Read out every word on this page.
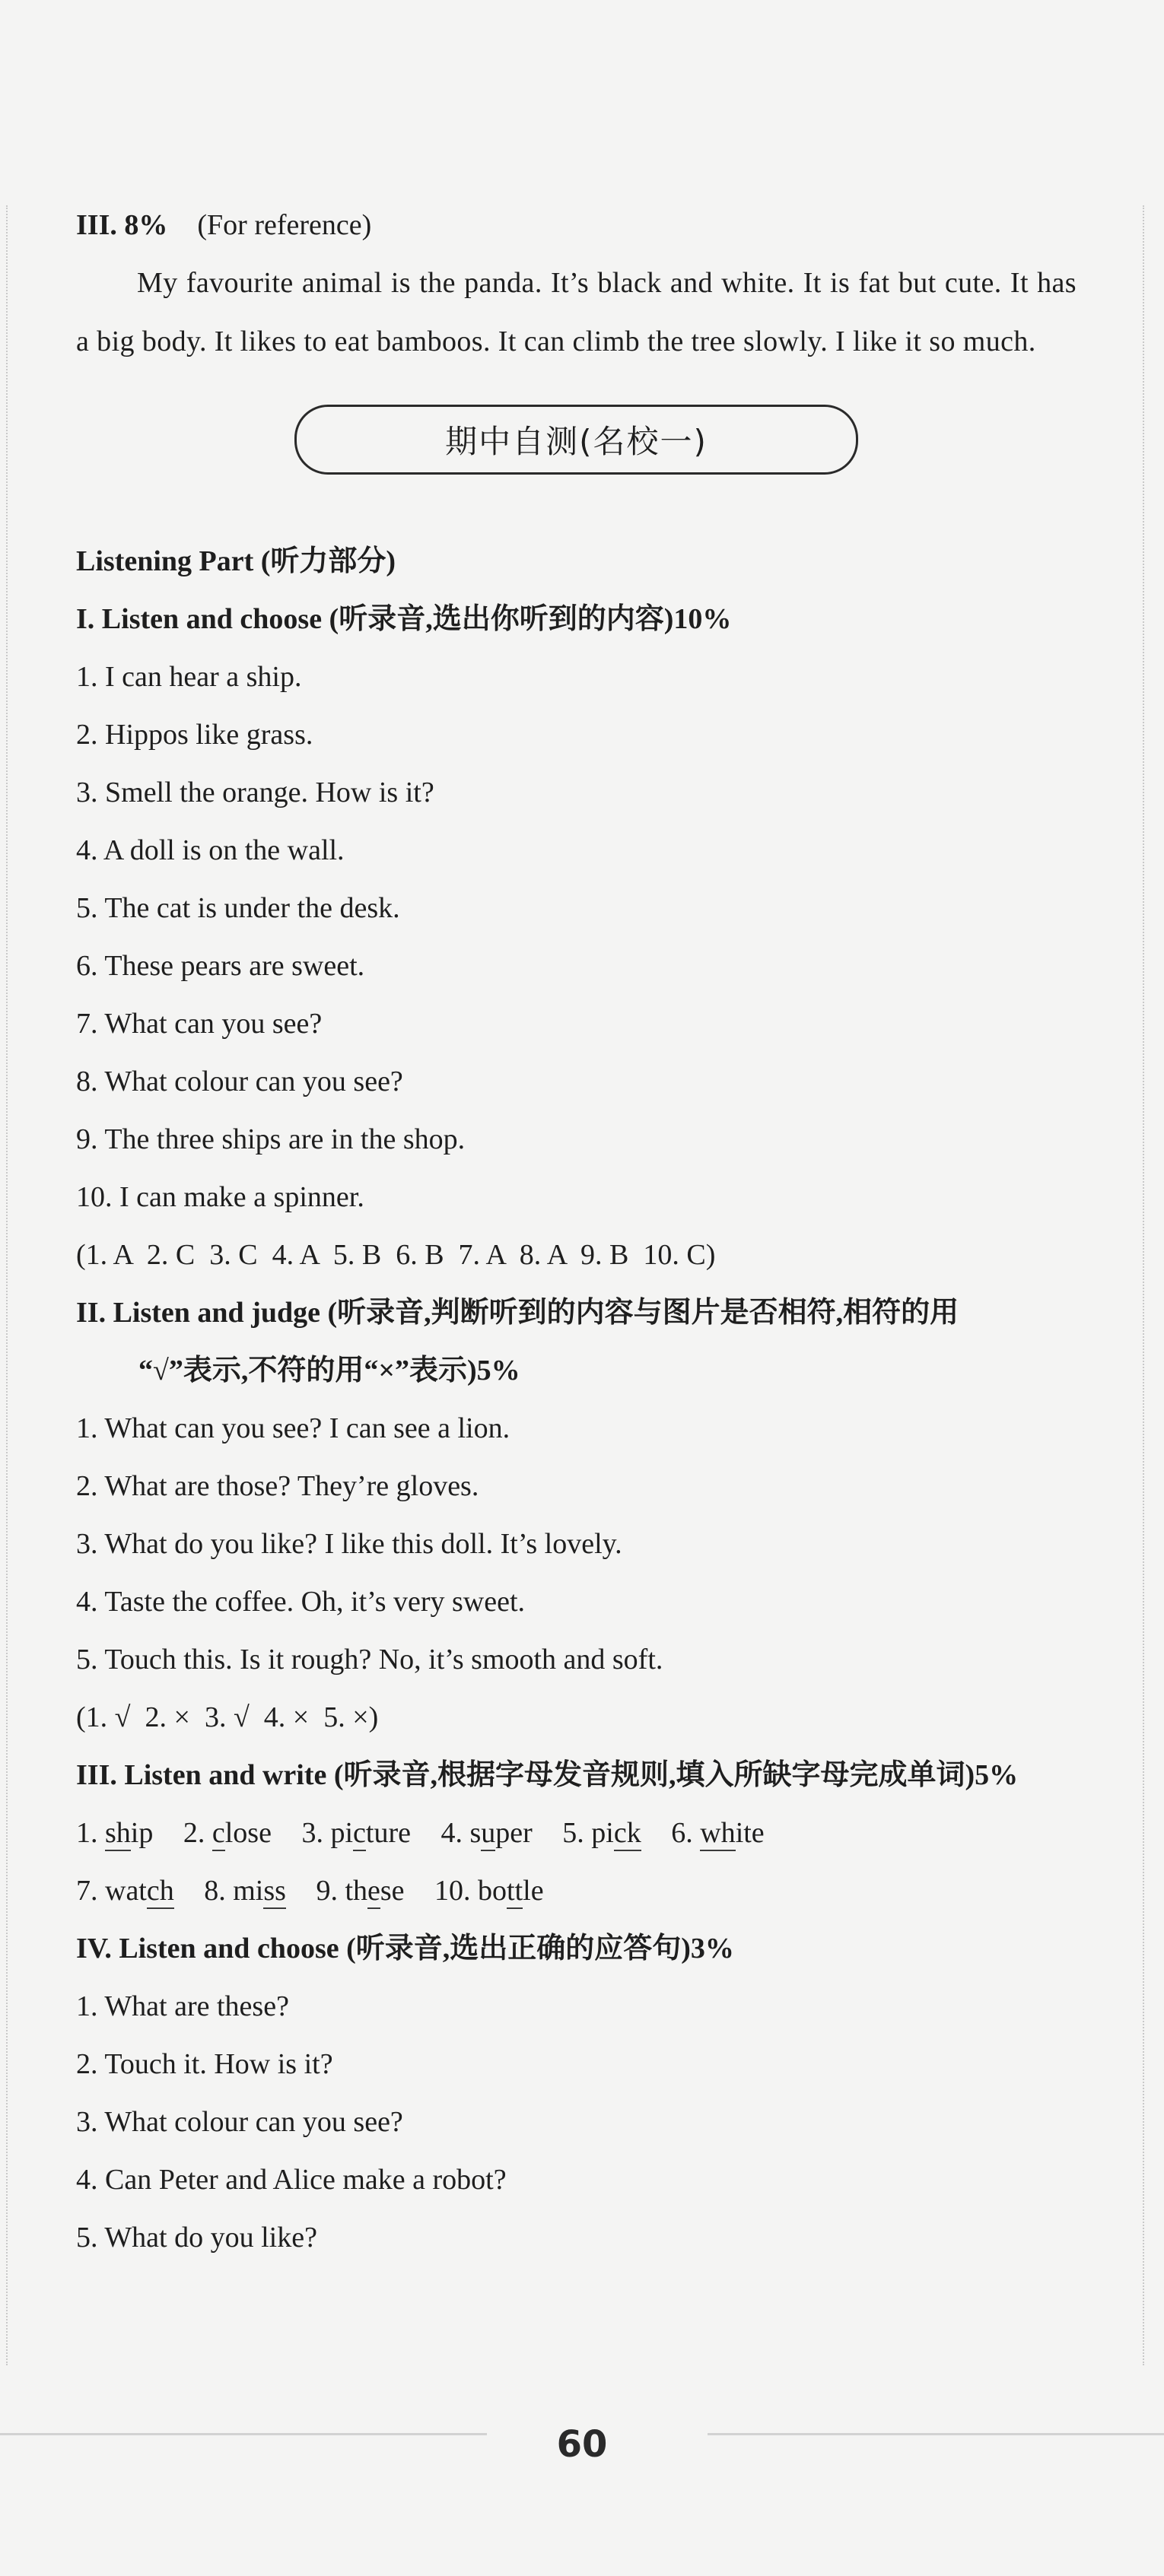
III. 8% (For reference)
My favourite animal is the panda. It’s black and white. It is fat but cute. It has a big body. It likes to eat bamboos. It can climb the tree slowly. I like it so much.
期中自测(名校一)
Listening Part (听力部分)
I. Listen and choose (听录音,选出你听到的内容)10%
1. I can hear a ship.
2. Hippos like grass.
3. Smell the orange. How is it?
4. A doll is on the wall.
5. The cat is under the desk.
6. These pears are sweet.
7. What can you see?
8. What colour can you see?
9. The three ships are in the shop.
10. I can make a spinner.
(1. A  2. C  3. C  4. A  5. B  6. B  7. A  8. A  9. B  10. C)
II. Listen and judge (听录音,判断听到的内容与图片是否相符,相符的用
“√”表示,不符的用“×”表示)5%
1. What can you see? I can see a lion.
2. What are those? They’re gloves.
3. What do you like? I like this doll. It’s lovely.
4. Taste the coffee. Oh, it’s very sweet.
5. Touch this. Is it rough? No, it’s smooth and soft.
(1. √  2. ×  3. √  4. ×  5. ×)
III. Listen and write (听录音,根据字母发音规则,填入所缺字母完成单词)5%
1. ship 2. close 3. picture 4. super 5. pick 6. white
7. watch 8. miss 9. these 10. bottle
IV. Listen and choose (听录音,选出正确的应答句)3%
1. What are these?
2. Touch it. How is it?
3. What colour can you see?
4. Can Peter and Alice make a robot?
5. What do you like?
60
